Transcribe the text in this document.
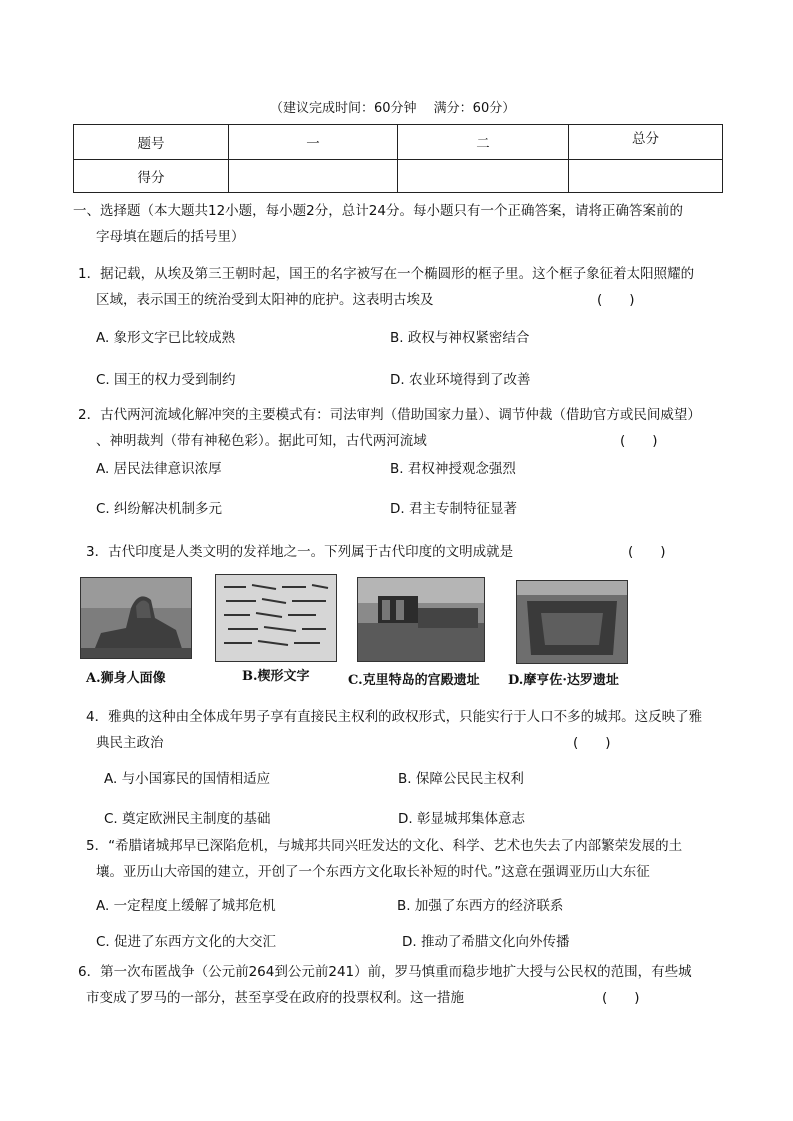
（建议完成时间：60分钟　 满分：60分）
题号	一	二	总分
得分			
一、选择题（本大题共12小题，每小题2分，总计24分。每小题只有一个正确答案，请将正确答案前的
字母填在题后的括号里）
1．据记载，从埃及第三王朝时起，国王的名字被写在一个椭圆形的框子里。这个框子象征着太阳照耀的
区域，表示国王的统治受到太阳神的庇护。这表明古埃及	(　　)
A. 象形文字已比较成熟	B. 政权与神权紧密结合
C. 国王的权力受到制约	D. 农业环境得到了改善
2．古代两河流域化解冲突的主要模式有：司法审判（借助国家力量）、调节仲裁（借助官方或民间威望）
、神明裁判（带有神秘色彩）。据此可知，古代两河流域	(　　)
A. 居民法律意识浓厚	B. 君权神授观念强烈
C. 纠纷解决机制多元	D. 君主专制特征显著
3．古代印度是人类文明的发祥地之一。下列属于古代印度的文明成就是	(　　)
A.狮身人面像	B.楔形文字	C.克里特岛的宫殿遗址 D.摩亨佐·达罗遗址
4．雅典的这种由全体成年男子享有直接民主权利的政权形式，只能实行于人口不多的城邦。这反映了雅
典民主政治	(　　)
A. 与小国寡民的国情相适应	B. 保障公民民主权利
C. 奠定欧洲民主制度的基础	D. 彰显城邦集体意志
5．“希腊诸城邦早已深陷危机，与城邦共同兴旺发达的文化、科学、艺术也失去了内部繁荣发展的土
壤。亚历山大帝国的建立，开创了一个东西方文化取长补短的时代。”这意在强调亚历山大东征
A. 一定程度上缓解了城邦危机	B. 加强了东西方的经济联系
C. 促进了东西方文化的大交汇	D. 推动了希腊文化向外传播
6．第一次布匿战争（公元前264到公元前241）前，罗马慎重而稳步地扩大授与公民权的范围，有些城
市变成了罗马的一部分，甚至享受在政府的投票权利。这一措施	(　　)
